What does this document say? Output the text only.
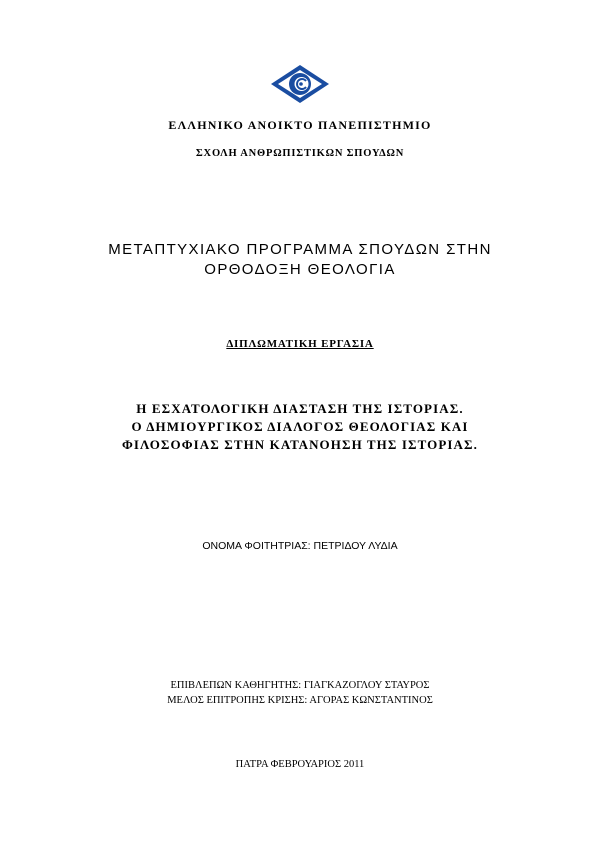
ΕΛΛΗΝΙΚΟ ΑΝΟΙΚΤΟ ΠΑΝΕΠΙΣΤΗΜΙΟ
ΣΧΟΛΗ ΑΝΘΡΩΠΙΣΤΙΚΩΝ ΣΠΟΥΔΩΝ
ΜΕΤΑΠΤΥΧΙΑΚΟ ΠΡΟΓΡΑΜΜΑ ΣΠΟΥΔΩΝ ΣΤΗΝ
ΟΡΘΟΔΟΞΗ ΘΕΟΛΟΓΙΑ
ΔΙΠΛΩΜΑΤΙΚΗ ΕΡΓΑΣΙΑ
Η ΕΣΧΑΤΟΛΟΓΙΚΗ ΔΙΑΣΤΑΣΗ ΤΗΣ ΙΣΤΟΡΙΑΣ.
Ο ΔΗΜΙΟΥΡΓΙΚΟΣ ΔΙΑΛΟΓΟΣ ΘΕΟΛΟΓΙΑΣ ΚΑΙ
ΦΙΛΟΣΟΦΙΑΣ ΣΤΗΝ ΚΑΤΑΝΟΗΣΗ ΤΗΣ ΙΣΤΟΡΙΑΣ.
ΟΝΟΜΑ ΦΟΙΤΗΤΡΙΑΣ: ΠΕΤΡΙΔΟΥ ΛΥΔΙΑ
ΕΠΙΒΛΕΠΩΝ ΚΑΘΗΓΗΤΗΣ: ΓΙΑΓΚΑΖΟΓΛΟΥ ΣΤΑΥΡΟΣ
ΜΕΛΟΣ ΕΠΙΤΡΟΠΗΣ ΚΡΙΣΗΣ: ΑΓΟΡΑΣ ΚΩΝΣΤΑΝΤΙΝΟΣ
ΠΑΤΡΑ ΦΕΒΡΟΥΑΡΙΟΣ 2011
